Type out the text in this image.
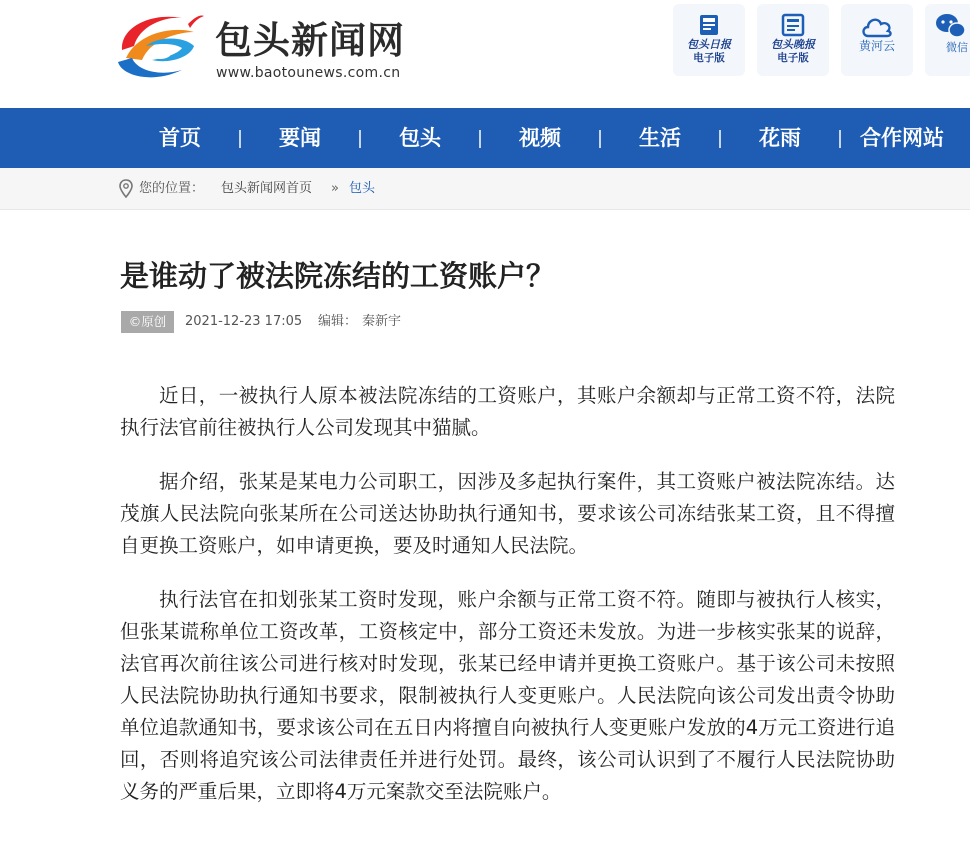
包头新闻网
www.baotounews.com.cn
包头日报
电子版
包头晚报
电子版
黄河云	微信
首页	要闻	包头	视频	生活	花雨	合作网站
您的位置： 包头新闻网首页 » 包头
是谁动了被法院冻结的工资账户？
©原创	2021-12-23 17:05 编辑： 秦新宇

近日，一被执行人原本被法院冻结的工资账户，其账户余额却与正常工资不符，法院执行法官前往被执行人公司发现其中猫腻。

据介绍，张某是某电力公司职工，因涉及多起执行案件，其工资账户被法院冻结。达茂旗人民法院向张某所在公司送达协助执行通知书，要求该公司冻结张某工资，且不得擅自更换工资账户，如申请更换，要及时通知人民法院。

执行法官在扣划张某工资时发现，账户余额与正常工资不符。随即与被执行人核实，但张某谎称单位工资改革，工资核定中，部分工资还未发放。为进一步核实张某的说辞，法官再次前往该公司进行核对时发现，张某已经申请并更换工资账户。基于该公司未按照人民法院协助执行通知书要求，限制被执行人变更账户。人民法院向该公司发出责令协助单位追款通知书，要求该公司在五日内将擅自向被执行人变更账户发放的4万元工资进行追回，否则将追究该公司法律责任并进行处罚。最终，该公司认识到了不履行人民法院协助义务的严重后果，立即将4万元案款交至法院账户。
